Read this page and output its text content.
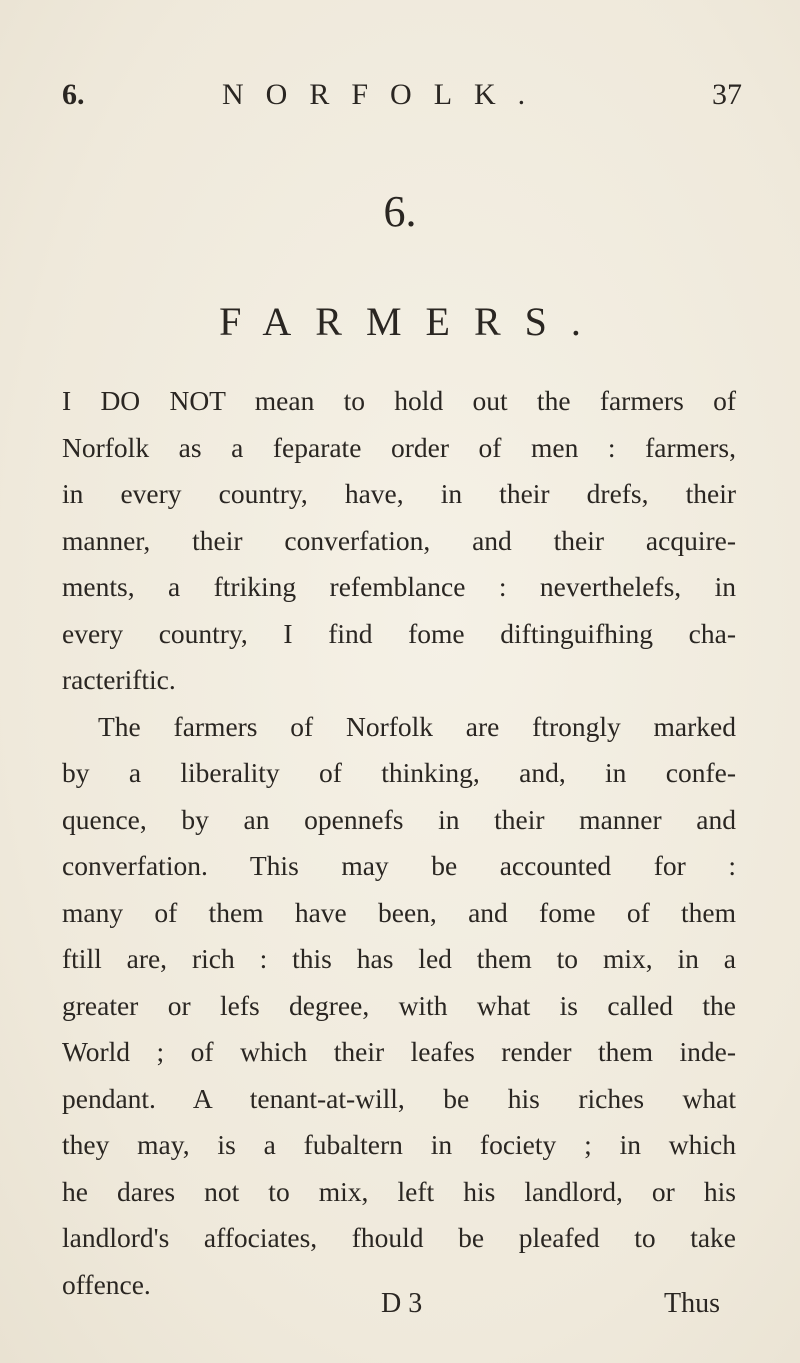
6.	NORFOLK.	37
6.
FARMERS.
I DO NOT mean to hold out the farmers of
Norfolk as a feparate order of men : farmers,
in every country, have, in their drefs, their
manner, their converfation, and their acquire-
ments, a ftriking refemblance : neverthelefs, in
every country, I find fome diftinguifhing cha-
racteriftic.
The farmers of Norfolk are ftrongly marked
by a liberality of thinking, and, in confe-
quence, by an opennefs in their manner and
converfation. This may be accounted for :
many of them have been, and fome of them
ftill are, rich : this has led them to mix, in a
greater or lefs degree, with what is called the
World ; of which their leafes render them inde-
pendant. A tenant-at-will, be his riches what
they may, is a fubaltern in fociety ; in which
he dares not to mix, left his landlord, or his
landlord's affociates, fhould be pleafed to take
offence.
D 3	Thus
